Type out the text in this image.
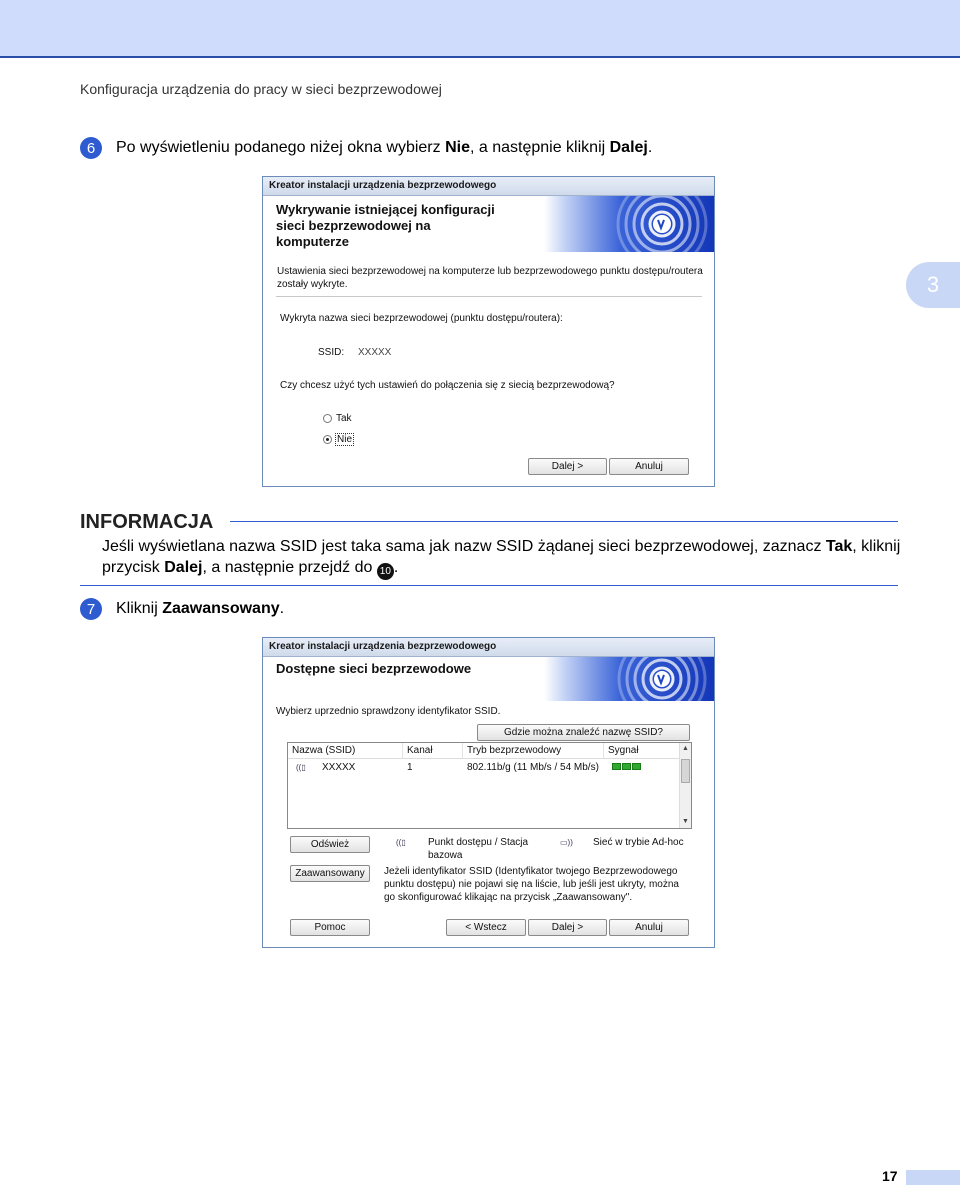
Konfiguracja urządzenia do pracy w sieci bezprzewodowej
6	Po wyświetleniu podanego niżej okna wybierz Nie, a następnie kliknij Dalej.
3
Kreator instalacji urządzenia bezprzewodowego
Wykrywanie istniejącej konfiguracji
sieci bezprzewodowej na
komputerze
Ustawienia sieci bezprzewodowej na komputerze lub bezprzewodowego punktu dostępu/routera
zostały wykryte.
Wykryta nazwa sieci bezprzewodowej (punktu dostępu/routera):
SSID: XXXXX
Czy chcesz użyć tych ustawień do połączenia się z siecią bezprzewodową?
Tak
Nie
Dalej >	Anuluj
INFORMACJA
Jeśli wyświetlana nazwa SSID jest taka sama jak nazw SSID żądanej sieci bezprzewodowej, zaznacz Tak, kliknij przycisk Dalej, a następnie przejdź do 10 .
7	Kliknij Zaawansowany.
Kreator instalacji urządzenia bezprzewodowego
Dostępne sieci bezprzewodowe
Wybierz uprzednio sprawdzony identyfikator SSID.
Gdzie można znaleźć nazwę SSID?
Nazwa (SSID)	Kanał	Tryb bezprzewodowy	Sygnał
((▯	XXXXX	1	802.11b/g (11 Mb/s / 54 Mb/s)
▲
▼
Odśwież
Zaawansowany
((▯ Punkt dostępu / Stacja
bazowa
▭)) Sieć w trybie Ad-hoc
Jeżeli identyfikator SSID (Identyfikator twojego Bezprzewodowego
punktu dostępu) nie pojawi się na liście, lub jeśli jest ukryty, można
go skonfigurować klikając na przycisk „Zaawansowany".
Pomoc	< Wstecz	Dalej >	Anuluj
17
